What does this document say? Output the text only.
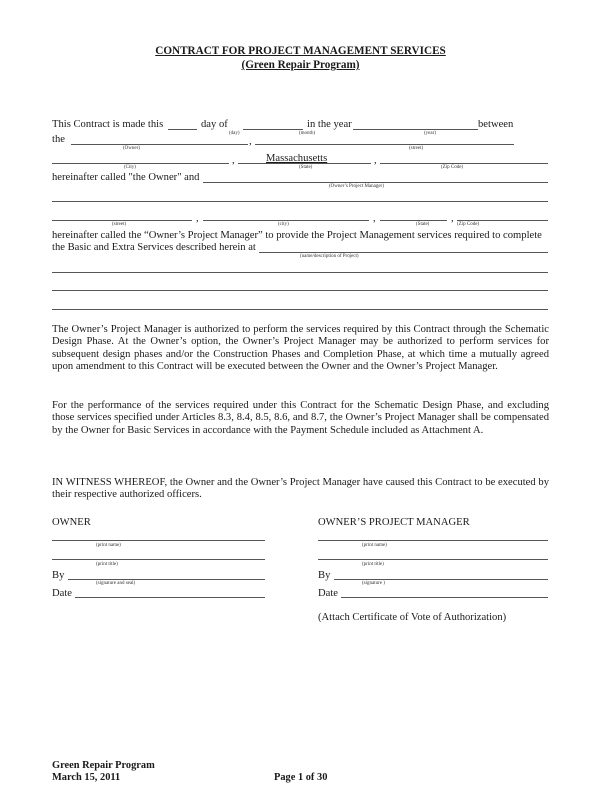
CONTRACT FOR PROJECT MANAGEMENT SERVICES
(Green Repair Program)
This Contract is made this
(day)
day of
(month)
in the year
(year)
between
the
(Owner)
,
(street)
(City)
,	Massachusetts
(State)
,
(Zip Code)
hereinafter called "the Owner" and
(Owner’s Project Manager)
(street)
,
(city)
,
(State)
,
(Zip Code)
hereinafter called the “Owner’s Project Manager” to provide the Project Management services required to complete
the Basic and Extra Services described herein at
(name/description of Project)
The Owner’s Project Manager is authorized to perform the services required by this Contract through the Schematic Design Phase. At the Owner’s option, the Owner’s Project Manager may be authorized to perform services for subsequent design phases and/or the Construction Phases and Completion Phase, at which time a mutually agreed upon amendment to this Contract will be executed between the Owner and the Owner’s Project Manager.
For the performance of the services required under this Contract for the Schematic Design Phase, and excluding those services specified under Articles 8.3, 8.4, 8.5, 8.6, and 8.7, the Owner’s Project Manager shall be compensated by the Owner for Basic Services in accordance with the Payment Schedule included as Attachment A.
IN WITNESS WHEREOF, the Owner and the Owner’s Project Manager have caused this Contract to be executed by their respective authorized officers.
OWNER
(print name)
(print title)
By
(signature and seal)
Date
OWNER’S PROJECT MANAGER
(print name)
(print title)
By
(signature )
Date
(Attach Certificate of Vote of Authorization)
Green Repair Program
March 15, 2011	Page 1 of 30
